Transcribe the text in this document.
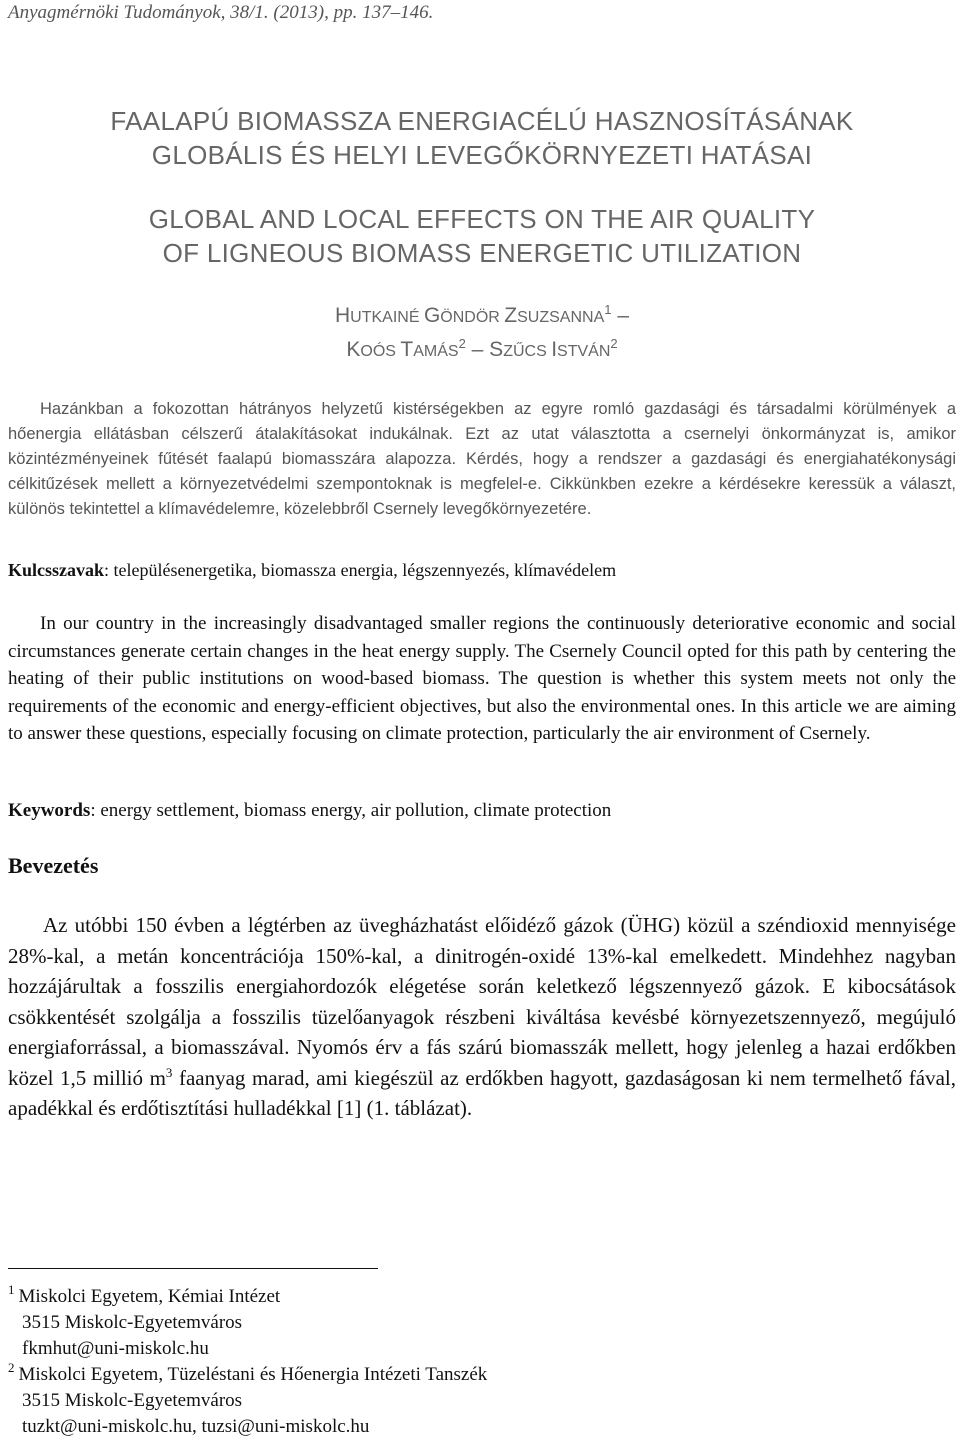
Anyagmérnöki Tudományok, 38/1. (2013), pp. 137–146.
FAALAPÚ BIOMASSZA ENERGIACÉLÚ HASZNOSÍTÁSÁNAK
GLOBÁLIS ÉS HELYI LEVEGŐKÖRNYEZETI HATÁSAI
GLOBAL AND LOCAL EFFECTS ON THE AIR QUALITY
OF LIGNEOUS BIOMASS ENERGETIC UTILIZATION
HUTKAINÉ GÖNDÖR ZSUZSANNA$^1$ –
KOÓS TAMÁS$^2$ – SZŰCS ISTVÁN$^2$
Hazánkban a fokozottan hátrányos helyzetű kistérségekben az egyre romló gazdasági és társadalmi körülmények a hőenergia ellátásban célszerű átalakításokat indukálnak. Ezt az utat választotta a csernelyi önkormányzat is, amikor közintézményeinek fűtését faalapú biomasszára alapozza. Kérdés, hogy a rendszer a gazdasági és energiahatékonysági célkitűzések mellett a környezetvédelmi szempontoknak is megfelel-e. Cikkünkben ezekre a kérdésekre keressük a választ, különös tekintettel a klímavédelemre, közelebbről Csernely levegőkörnyezetére.
Kulcsszavak: településenergetika, biomassza energia, légszennyezés, klímavédelem
In our country in the increasingly disadvantaged smaller regions the continuously deteriorative economic and social circumstances generate certain changes in the heat energy supply. The Csernely Council opted for this path by centering the heating of their public institutions on wood-based biomass. The question is whether this system meets not only the requirements of the economic and energy-efficient objectives, but also the environmental ones. In this article we are aiming to answer these questions, especially focusing on climate protection, particularly the air environment of Csernely.
Keywords: energy settlement, biomass energy, air pollution, climate protection
Bevezetés
Az utóbbi 150 évben a légtérben az üvegházhatást előidéző gázok (ÜHG) közül a széndioxid mennyisége 28%-kal, a metán koncentrációja 150%-kal, a dinitrogén-oxidé 13%-kal emelkedett. Mindehhez nagyban hozzájárultak a fosszilis energiahordozók elégetése során keletkező légszennyező gázok. E kibocsátások csökkentését szolgálja a fosszilis tüzelőanyagok részbeni kiváltása kevésbé környezetszennyező, megújuló energiaforrással, a biomasszával. Nyomós érv a fás szárú biomasszák mellett, hogy jelenleg a hazai erdőkben közel 1,5 millió $m^3$ faanyag marad, ami kiegészül az erdőkben hagyott, gazdaságosan ki nem termelhető fával, apadékkal és erdőtisztítási hulladékkal [1] (1. táblázat).
$^1$ Miskolci Egyetem, Kémiai Intézet
3515 Miskolc-Egyetemváros
fkmhut@uni-miskolc.hu
$^2$ Miskolci Egyetem, Tüzeléstani és Hőenergia Intézeti Tanszék
3515 Miskolc-Egyetemváros
tuzkt@uni-miskolc.hu, tuzsi@uni-miskolc.hu
